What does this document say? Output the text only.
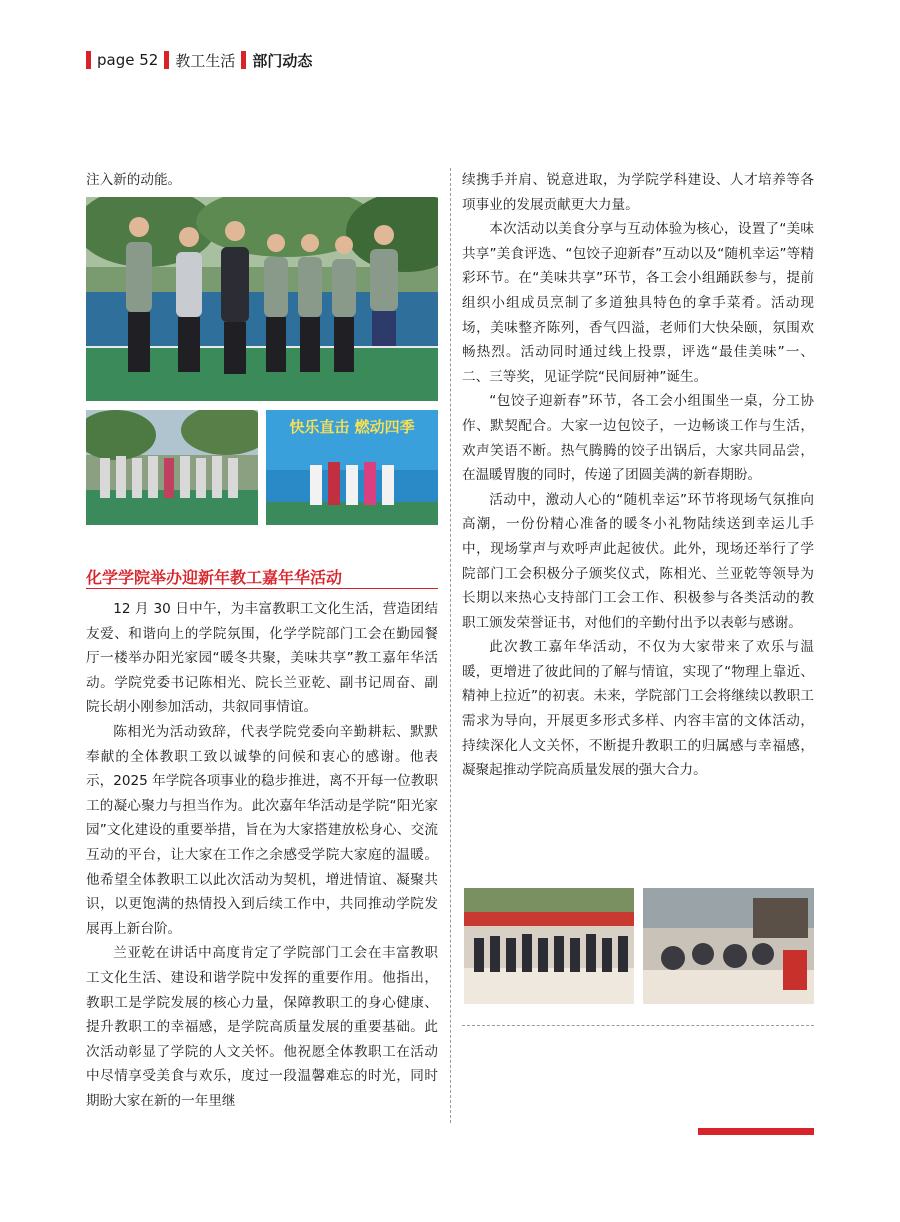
page 52 教工生活 部门动态

注入新的动能。

快乐直击 燃动四季
化学学院举办迎新年教工嘉年华活动

12 月 30 日中午，为丰富教职工文化生活，营造团结友爱、和谐向上的学院氛围，化学学院部门工会在勤园餐厅一楼举办阳光家园“暖冬共聚，美味共享”教工嘉年华活动。学院党委书记陈相光、院长兰亚乾、副书记周奋、副院长胡小刚参加活动，共叙同事情谊。

陈相光为活动致辞，代表学院党委向辛勤耕耘、默默奉献的全体教职工致以诚挚的问候和衷心的感谢。他表示，2025 年学院各项事业的稳步推进，离不开每一位教职工的凝心聚力与担当作为。此次嘉年华活动是学院“阳光家园”文化建设的重要举措，旨在为大家搭建放松身心、交流互动的平台，让大家在工作之余感受学院大家庭的温暖。他希望全体教职工以此次活动为契机，增进情谊、凝聚共识，以更饱满的热情投入到后续工作中，共同推动学院发展再上新台阶。

兰亚乾在讲话中高度肯定了学院部门工会在丰富教职工文化生活、建设和谐学院中发挥的重要作用。他指出，教职工是学院发展的核心力量，保障教职工的身心健康、提升教职工的幸福感，是学院高质量发展的重要基础。此次活动彰显了学院的人文关怀。他祝愿全体教职工在活动中尽情享受美食与欢乐，度过一段温馨难忘的时光，同时期盼大家在新的一年里继

续携手并肩、锐意进取，为学院学科建设、人才培养等各项事业的发展贡献更大力量。

本次活动以美食分享与互动体验为核心，设置了“美味共享”美食评选、“包饺子迎新春”互动以及“随机幸运”等精彩环节。在“美味共享”环节，各工会小组踊跃参与，提前组织小组成员烹制了多道独具特色的拿手菜肴。活动现场，美味整齐陈列，香气四溢，老师们大快朵颐，氛围欢畅热烈。活动同时通过线上投票，评选“最佳美味”一、二、三等奖，见证学院“民间厨神”诞生。

“包饺子迎新春”环节，各工会小组围坐一桌，分工协作、默契配合。大家一边包饺子，一边畅谈工作与生活，欢声笑语不断。热气腾腾的饺子出锅后，大家共同品尝，在温暖胃腹的同时，传递了团圆美满的新春期盼。

活动中，激动人心的“随机幸运”环节将现场气氛推向高潮，一份份精心准备的暖冬小礼物陆续送到幸运儿手中，现场掌声与欢呼声此起彼伏。此外，现场还举行了学院部门工会积极分子颁奖仪式，陈相光、兰亚乾等领导为长期以来热心支持部门工会工作、积极参与各类活动的教职工颁发荣誉证书，对他们的辛勤付出予以表彰与感谢。

此次教工嘉年华活动，不仅为大家带来了欢乐与温暖，更增进了彼此间的了解与情谊，实现了“物理上靠近、精神上拉近”的初衷。未来，学院部门工会将继续以教职工需求为导向，开展更多形式多样、内容丰富的文体活动，持续深化人文关怀，不断提升教职工的归属感与幸福感，凝聚起推动学院高质量发展的强大合力。
